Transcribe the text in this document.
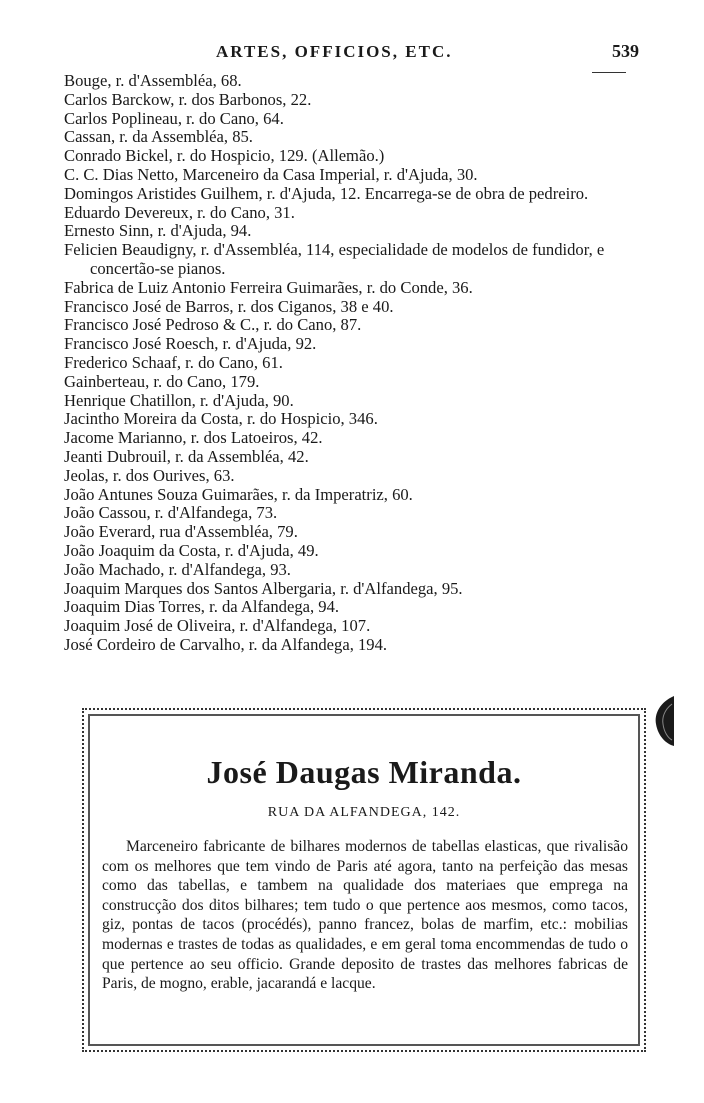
ARTES, OFFICIOS, ETC.	539
Bouge, r. d'Assembléa, 68.
Carlos Barckow, r. dos Barbonos, 22.
Carlos Poplineau, r. do Cano, 64.
Cassan, r. da Assembléa, 85.
Conrado Bickel, r. do Hospicio, 129. (Allemão.)
C. C. Dias Netto, Marceneiro da Casa Imperial, r. d'Ajuda, 30.
Domingos Aristides Guilhem, r. d'Ajuda, 12. Encarrega-se de obra de pedreiro.
Eduardo Devereux, r. do Cano, 31.
Ernesto Sinn, r. d'Ajuda, 94.
Felicien Beaudigny, r. d'Assembléa, 114, especialidade de modelos de fundidor, e concertão-se pianos.
Fabrica de Luiz Antonio Ferreira Guimarães, r. do Conde, 36.
Francisco José de Barros, r. dos Ciganos, 38 e 40.
Francisco José Pedroso & C., r. do Cano, 87.
Francisco José Roesch, r. d'Ajuda, 92.
Frederico Schaaf, r. do Cano, 61.
Gainberteau, r. do Cano, 179.
Henrique Chatillon, r. d'Ajuda, 90.
Jacintho Moreira da Costa, r. do Hospicio, 346.
Jacome Marianno, r. dos Latoeiros, 42.
Jeanti Dubrouil, r. da Assembléa, 42.
Jeolas, r. dos Ourives, 63.
João Antunes Souza Guimarães, r. da Imperatriz, 60.
João Cassou, r. d'Alfandega, 73.
João Everard, rua d'Assembléa, 79.
João Joaquim da Costa, r. d'Ajuda, 49.
João Machado, r. d'Alfandega, 93.
Joaquim Marques dos Santos Albergaria, r. d'Alfandega, 95.
Joaquim Dias Torres, r. da Alfandega, 94.
Joaquim José de Oliveira, r. d'Alfandega, 107.
José Cordeiro de Carvalho, r. da Alfandega, 194.
José Daugas Miranda.
RUA DA ALFANDEGA, 142.

Marceneiro fabricante de bilhares modernos de tabellas elasticas, que rivalisão com os melhores que tem vindo de Paris até agora, tanto na perfeição das mesas como das tabellas, e tambem na qualidade dos materiaes que emprega na construcção dos ditos bilhares; tem tudo o que pertence aos mesmos, como tacos, giz, pontas de tacos (procédés), panno francez, bolas de marfim, etc.: mobilias modernas e trastes de todas as qualidades, e em geral toma encommendas de tudo o que pertence ao seu officio. Grande deposito de trastes das melhores fabricas de Paris, de mogno, erable, jacarandá e lacque.
